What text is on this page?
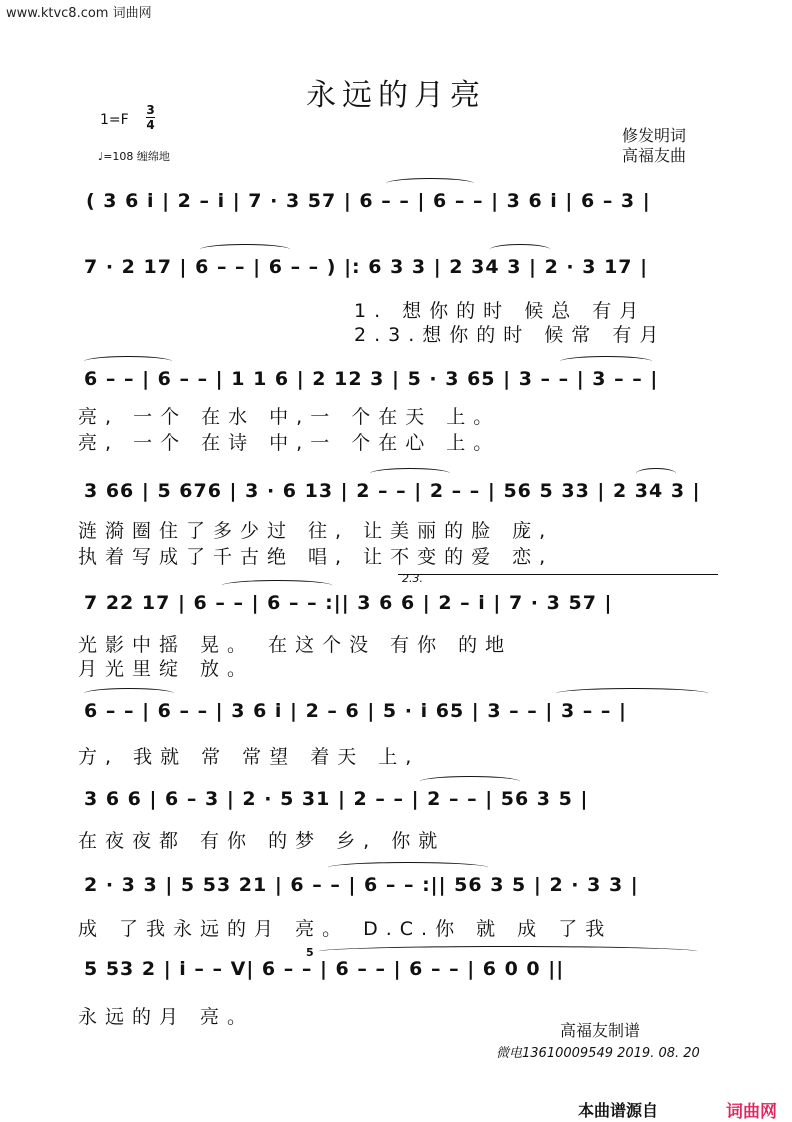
www.ktvc8.com 词曲网
永远的月亮
1=F
3
4
♩=108 缠绵地
修发明词
高福友曲
( 3 6 i | 2 – i | 7 · 3 57 | 6 – – | 6 – – | 3 6 i | 6 – 3 |
7 · 2 17 | 6 – – | 6 – – ) |: 6 3 3 | 2 34 3 | 2 · 3 17 |
1. 想你的时 候总 有月
2.3.想你的时 候常 有月
6 – – | 6 – – | 1 1 6 | 2 12 3 | 5 · 3 65 | 3 – – | 3 – – |
亮, 一个 在水 中,一 个在天 上。
亮, 一个 在诗 中,一 个在心 上。
3 66 | 5 676 | 3 · 6 13 | 2 – – | 2 – – | 56 5 33 | 2 34 3 |
涟漪圈住了多少过 往, 让美丽的脸 庞,
执着写成了千古绝 唱, 让不变的爱 恋,
7 22 17 | 6 – – | 6 – – :|| 3 6 6 | 2 – i | 7 · 3 57 |
2.3.
光影中摇 晃。 在这个没 有你 的地
月光里绽 放。
6 – – | 6 – – | 3 6 i | 2 – 6 | 5 · i 65 | 3 – – | 3 – – |
方, 我就 常 常望 着天 上,
3 6 6 | 6 – 3 | 2 · 5 31 | 2 – – | 2 – – | 56 3 5 |
在夜夜都 有你 的梦 乡, 你就
2 · 3 3 | 5 53 21 | 6 – – | 6 – – :|| 56 3 5 | 2 · 3 3 |
成 了我永远的月 亮。 D.C.你 就 成 了我
5 53 2 | i – – V| 6 – – | 6 – – | 6 – – | 6 0 0 ||
5
永远的月 亮。
高福友制谱
微电13610009549 2019. 08. 20
本曲谱源自	词曲网
